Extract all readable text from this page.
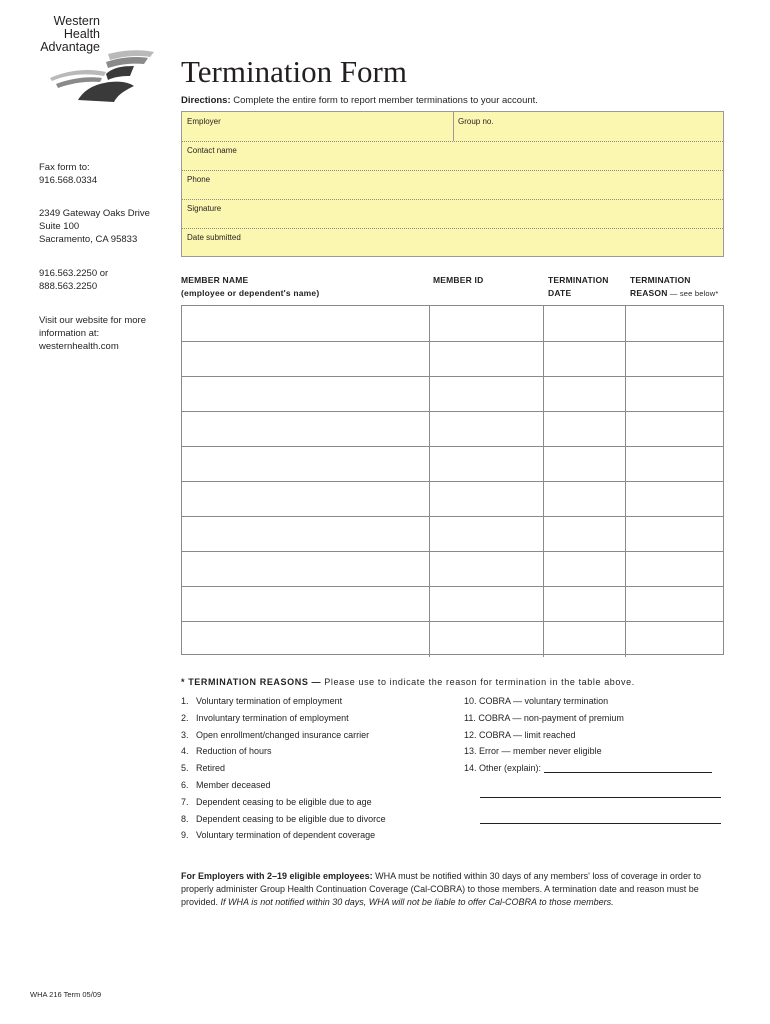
Western
Health
Advantage
Termination Form
Directions: Complete the entire form to report member terminations to your account.
Employer	Group no.
Contact name
Phone
Signature
Date submitted
Fax form to:
916.568.0334
2349 Gateway Oaks Drive
Suite 100
Sacramento, CA 95833
916.563.2250 or
888.563.2250
Visit our website for more
information at:
westernhealth.com
MEMBER NAME
(employee or dependent's name)
MEMBER ID	TERMINATION
DATE
TERMINATION
REASON — see below*
* TERMINATION REASONS — Please use to indicate the reason for termination in the table above.
1. Voluntary termination of employment
2. Involuntary termination of employment
3. Open enrollment/changed insurance carrier
4. Reduction of hours
5. Retired
6. Member deceased
7. Dependent ceasing to be eligible due to age
8. Dependent ceasing to be eligible due to divorce
9. Voluntary termination of dependent coverage
10. COBRA — voluntary termination
11. COBRA — non-payment of premium
12. COBRA — limit reached
13. Error — member never eligible
14. Other (explain):
For Employers with 2–19 eligible employees: WHA must be notified within 30 days of any members' loss of coverage in order to properly administer Group Health Continuation Coverage (Cal-COBRA) to those members. A termination date and reason must be provided. If WHA is not notified within 30 days, WHA will not be liable to offer Cal-COBRA to those members.
WHA 216 Term 05/09
